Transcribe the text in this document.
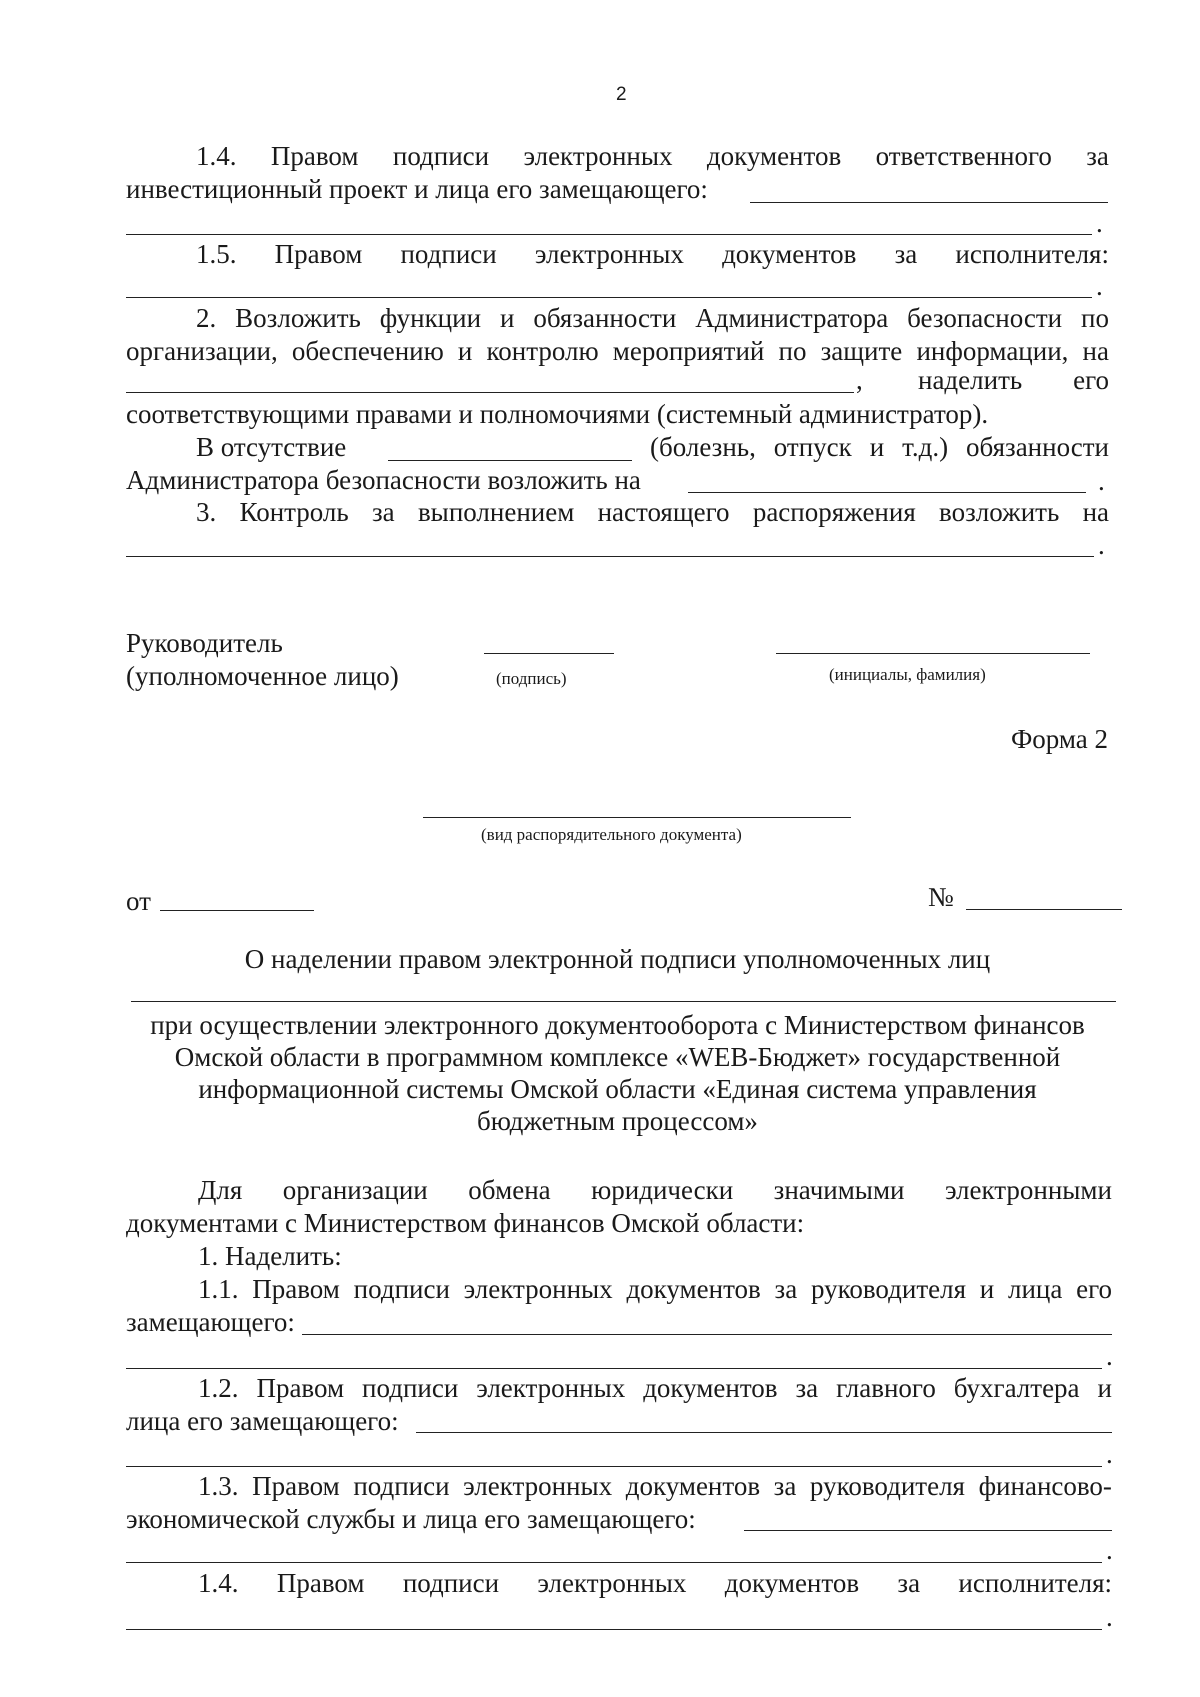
2
1.4. Правом подписи электронных документов ответственного за
инвестиционный проект и лица его замещающего:
.
1.5. Правом подписи электронных документов за исполнителя:
.
2. Возложить функции и обязанности Администратора безопасности по
организации, обеспечению и контролю мероприятий по защите информации, на
, наделить его
соответствующими правами и полномочиями (системный администратор).
В отсутствие	(болезнь, отпуск и т.д.) обязанности
Администратора безопасности возложить на	.
3. Контроль за выполнением настоящего распоряжения возложить на
.
Руководитель
(уполномоченное лицо)	(подпись)	(инициалы, фамилия)
Форма 2
(вид распорядительного документа)
от	№
О наделении правом электронной подписи уполномоченных лиц
при осуществлении электронного документооборота с Министерством финансов
Омской области в программном комплексе «WEB-Бюджет» государственной
информационной системы Омской области «Единая система управления
бюджетным процессом»
Для организации обмена юридически значимыми электронными
документами с Министерством финансов Омской области:
1. Наделить:
1.1. Правом подписи электронных документов за руководителя и лица его
замещающего:
.
1.2. Правом подписи электронных документов за главного бухгалтера и
лица его замещающего:
.
1.3. Правом подписи электронных документов за руководителя финансово-
экономической службы и лица его замещающего:
.
1.4. Правом подписи электронных документов за исполнителя:
.
